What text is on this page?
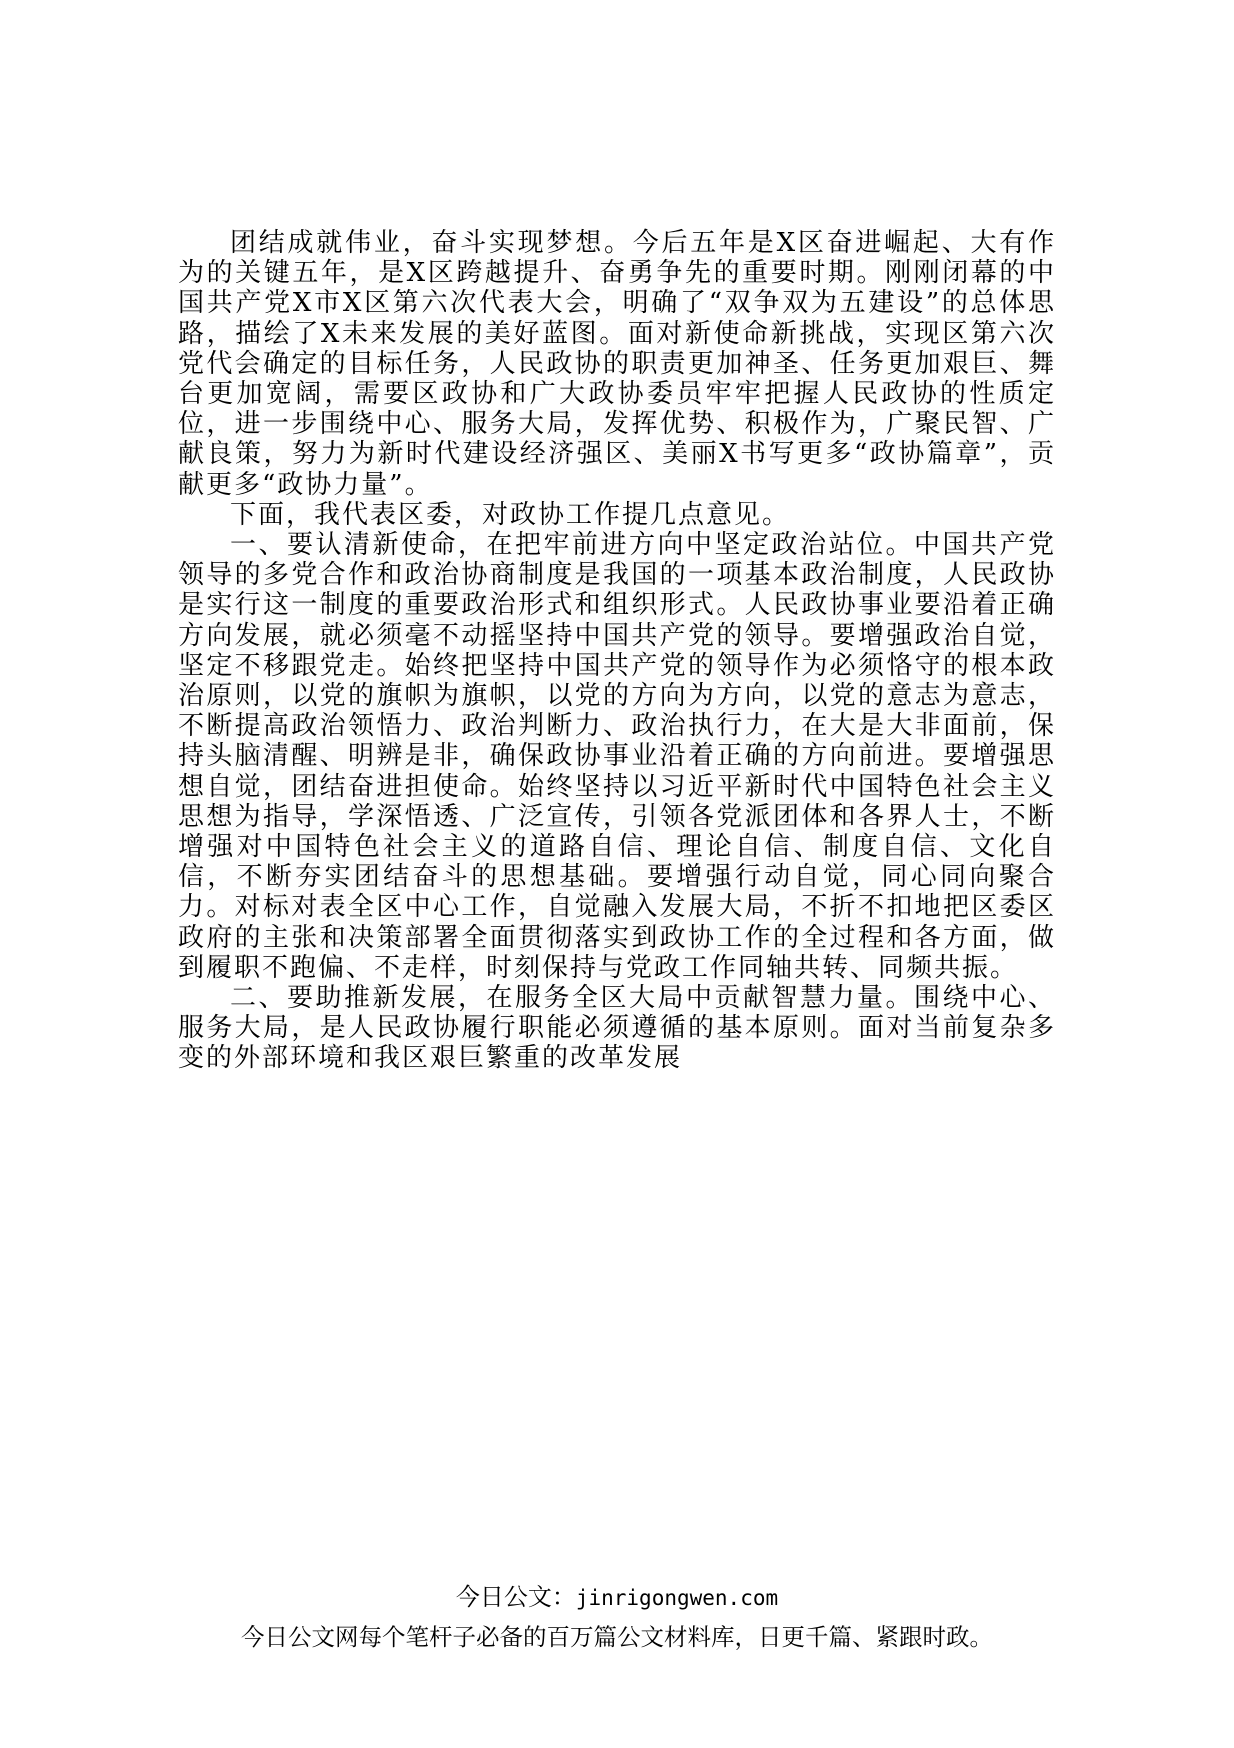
团结成就伟业，奋斗实现梦想。今后五年是X区奋进崛起、大有作为的关键五年，是X区跨越提升、奋勇争先的重要时期。刚刚闭幕的中国共产党X市X区第六次代表大会，明确了“双争双为五建设”的总体思路，描绘了X未来发展的美好蓝图。面对新使命新挑战，实现区第六次党代会确定的目标任务，人民政协的职责更加神圣、任务更加艰巨、舞台更加宽阔，需要区政协和广大政协委员牢牢把握人民政协的性质定位，进一步围绕中心、服务大局，发挥优势、积极作为，广聚民智、广献良策，努力为新时代建设经济强区、美丽X书写更多“政协篇章”，贡献更多“政协力量”。

下面，我代表区委，对政协工作提几点意见。

一、要认清新使命，在把牢前进方向中坚定政治站位。中国共产党领导的多党合作和政治协商制度是我国的一项基本政治制度，人民政协是实行这一制度的重要政治形式和组织形式。人民政协事业要沿着正确方向发展，就必须毫不动摇坚持中国共产党的领导。要增强政治自觉，坚定不移跟党走。始终把坚持中国共产党的领导作为必须恪守的根本政治原则，以党的旗帜为旗帜，以党的方向为方向，以党的意志为意志，不断提高政治领悟力、政治判断力、政治执行力，在大是大非面前，保持头脑清醒、明辨是非，确保政协事业沿着正确的方向前进。要增强思想自觉，团结奋进担使命。始终坚持以习近平新时代中国特色社会主义思想为指导，学深悟透、广泛宣传，引领各党派团体和各界人士，不断增强对中国特色社会主义的道路自信、理论自信、制度自信、文化自信，不断夯实团结奋斗的思想基础。要增强行动自觉，同心同向聚合力。对标对表全区中心工作，自觉融入发展大局，不折不扣地把区委区政府的主张和决策部署全面贯彻落实到政协工作的全过程和各方面，做到履职不跑偏、不走样，时刻保持与党政工作同轴共转、同频共振。

二、要助推新发展，在服务全区大局中贡献智慧力量。围绕中心、服务大局，是人民政协履行职能必须遵循的基本原则。面对当前复杂多变的外部环境和我区艰巨繁重的改革发展

今日公文：jinrigongwen.com
今日公文网每个笔杆子必备的百万篇公文材料库，日更千篇、紧跟时政。
